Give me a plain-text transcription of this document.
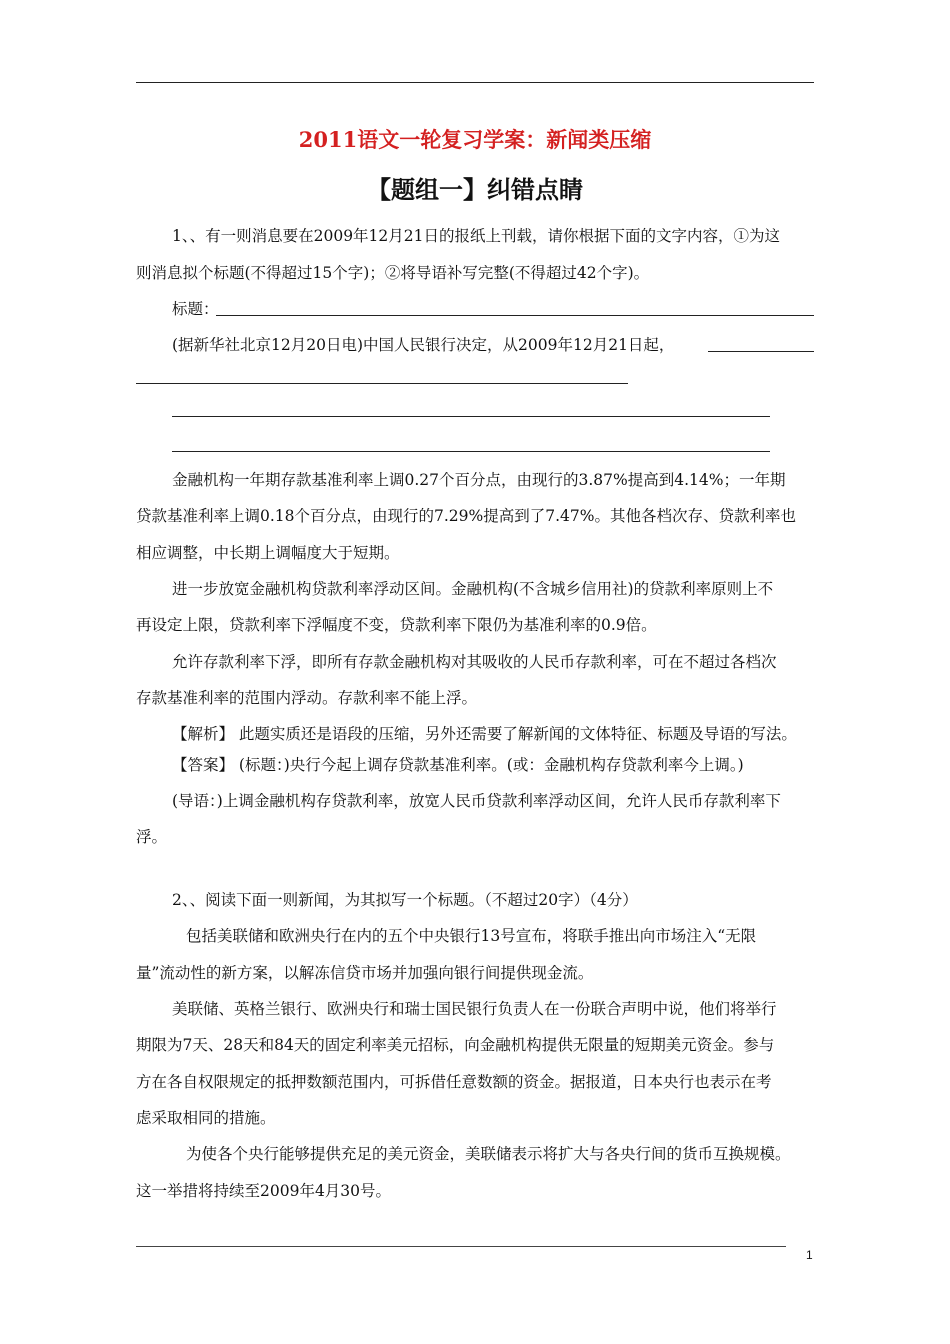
2011语文一轮复习学案：新闻类压缩
【题组一】纠错点睛

1、、有一则消息要在2009年12月21日的报纸上刊载，请你根据下面的文字内容，①为这

则消息拟个标题(不得超过15个字)；②将导语补写完整(不得超过42个字)。

标题：

(据新华社北京12月20日电)中国人民银行决定，从2009年12月21日起，

金融机构一年期存款基准利率上调0.27个百分点，由现行的3.87%提高到4.14%；一年期

贷款基准利率上调0.18个百分点，由现行的7.29%提高到了7.47%。其他各档次存、贷款利率也

相应调整，中长期上调幅度大于短期。

进一步放宽金融机构贷款利率浮动区间。金融机构(不含城乡信用社)的贷款利率原则上不

再设定上限，贷款利率下浮幅度不变，贷款利率下限仍为基准利率的0.9倍。

允许存款利率下浮，即所有存款金融机构对其吸收的人民币存款利率，可在不超过各档次

存款基准利率的范围内浮动。存款利率不能上浮。

【解析】 此题实质还是语段的压缩，另外还需要了解新闻的文体特征、标题及导语的写法。

【答案】 (标题：)央行今起上调存贷款基准利率。(或：金融机构存贷款利率今上调。)

(导语：)上调金融机构存贷款利率，放宽人民币贷款利率浮动区间，允许人民币存款利率下

浮。

2、、阅读下面一则新闻，为其拟写一个标题。（不超过20字）（4分）

包括美联储和欧洲央行在内的五个中央银行13号宣布，将联手推出向市场注入“无限

量”流动性的新方案，以解冻信贷市场并加强向银行间提供现金流。

美联储、英格兰银行、欧洲央行和瑞士国民银行负责人在一份联合声明中说，他们将举行

期限为7天、28天和84天的固定利率美元招标，向金融机构提供无限量的短期美元资金。参与

方在各自权限规定的抵押数额范围内，可拆借任意数额的资金。据报道，日本央行也表示在考

虑采取相同的措施。

为使各个央行能够提供充足的美元资金，美联储表示将扩大与各央行间的货币互换规模。

这一举措将持续至2009年4月30号。

1
